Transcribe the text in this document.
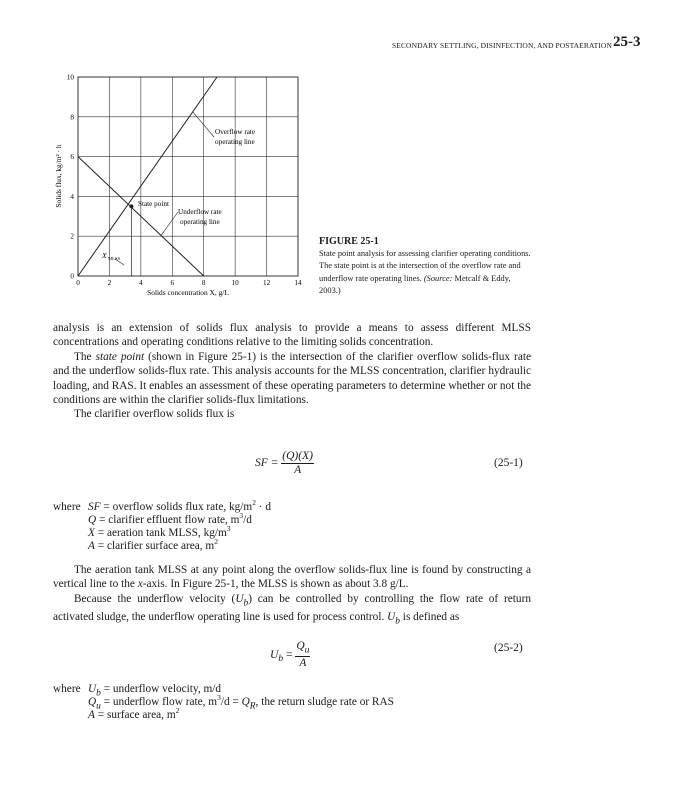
SECONDARY SETTLING, DISINFECTION, AND POSTAERATION 25-3
0	2	4	6	8	10	12	14
0
2
4
6
8
10
Overflow rate
operating line
State point
Underflow rate
operating line
X MLSS
Solids concentration X, g/L
Solids flux, kg/m² · h
FIGURE 25-1
State point analysis for assessing clarifier operating conditions. The state point is at the intersection of the overflow rate and underflow rate operating lines. (Source: Metcalf & Eddy, 2003.)

analysis is an extension of solids flux analysis to provide a means to assess different MLSS concentrations and operating conditions relative to the limiting solids concentration.

The state point (shown in Figure 25-1) is the intersection of the clarifier overflow solids-flux rate and the underflow solids-flux rate. This analysis accounts for the MLSS concentration, clarifier hydraulic loading, and RAS. It enables an assessment of these operating parameters to determine whether or not the conditions are within the clarifier solids-flux limitations.

The clarifier overflow solids flux is

SF = $\frac{(Q)(X)}{A}$	(25-1)
where SF = overflow solids flux rate, $kg/m^2 \cdot d$
Q = clarifier effluent flow rate, $m^3/d$
X = aeration tank MLSS, $kg/m^3$
A = clarifier surface area, $m^2$

The aeration tank MLSS at any point along the overflow solids-flux line is found by constructing a vertical line to the x-axis. In Figure 25-1, the MLSS is shown as about 3.8 g/L.

Because the underflow velocity $(U_b)$ can be controlled by controlling the flow rate of return activated sludge, the underflow operating line is used for process control. $U_b$ is defined as

$U_b = \frac{Q_u}{A}$	(25-2)
where $U_b$ = underflow velocity, m/d
$Q_u$ = underflow flow rate, $m^3/d = Q_R$, the return sludge rate or RAS
A = surface area, $m^2$
